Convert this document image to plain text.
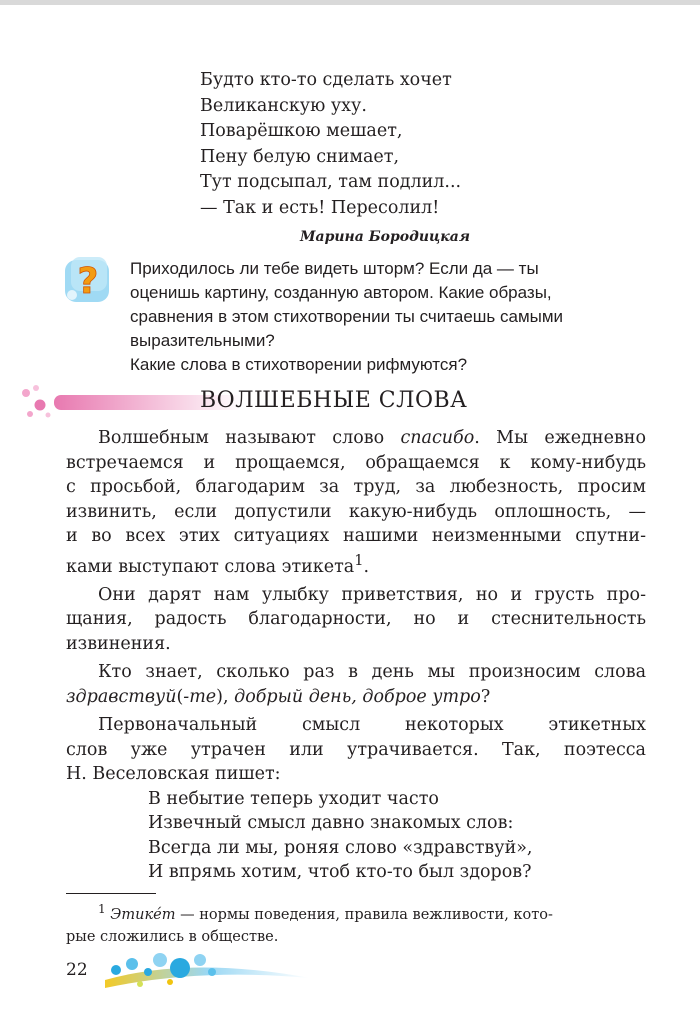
Будто кто-то сделать хочет
Великанскую уху.
Поварёшкою мешает,
Пену белую снимает,
Тут подсыпал, там подлил...
— Так и есть! Пересолил!
Марина Бородицкая
? Приходилось ли тебе видеть шторм? Если да — ты
оценишь картину, созданную автором. Какие образы,
сравнения в этом стихотворении ты считаешь самыми
выразительными?
Какие слова в стихотворении рифмуются?
ВОЛШЕБНЫЕ СЛОВА
Волшебным называют слово спасибо. Мы ежедневно
встречаемся и прощаемся, обращаемся к кому-нибудь
с просьбой, благодарим за труд, за любезность, просим
извинить, если допустили какую-нибудь оплошность, —
и во всех этих ситуациях нашими неизменными спутни-
ками выступают слова этикета$^1$.
Они дарят нам улыбку приветствия, но и грусть про-
щания, радость благодарности, но и стеснительность
извинения.
Кто знает, сколько раз в день мы произносим слова
здравствуй(-те), добрый день, доброе утро?
Первоначальный смысл некоторых этикетных
слов уже утрачен или утрачивается. Так, поэтесса
Н. Веселовская пишет:
В небытие теперь уходит часто
Извечный смысл давно знакомых слов:
Всегда ли мы, роняя слово «здравствуй»,
И впрямь хотим, чтоб кто-то был здоров?
$^1$ Этикéт — нормы поведения, правила вежливости, кото-
рые сложились в обществе.
22
